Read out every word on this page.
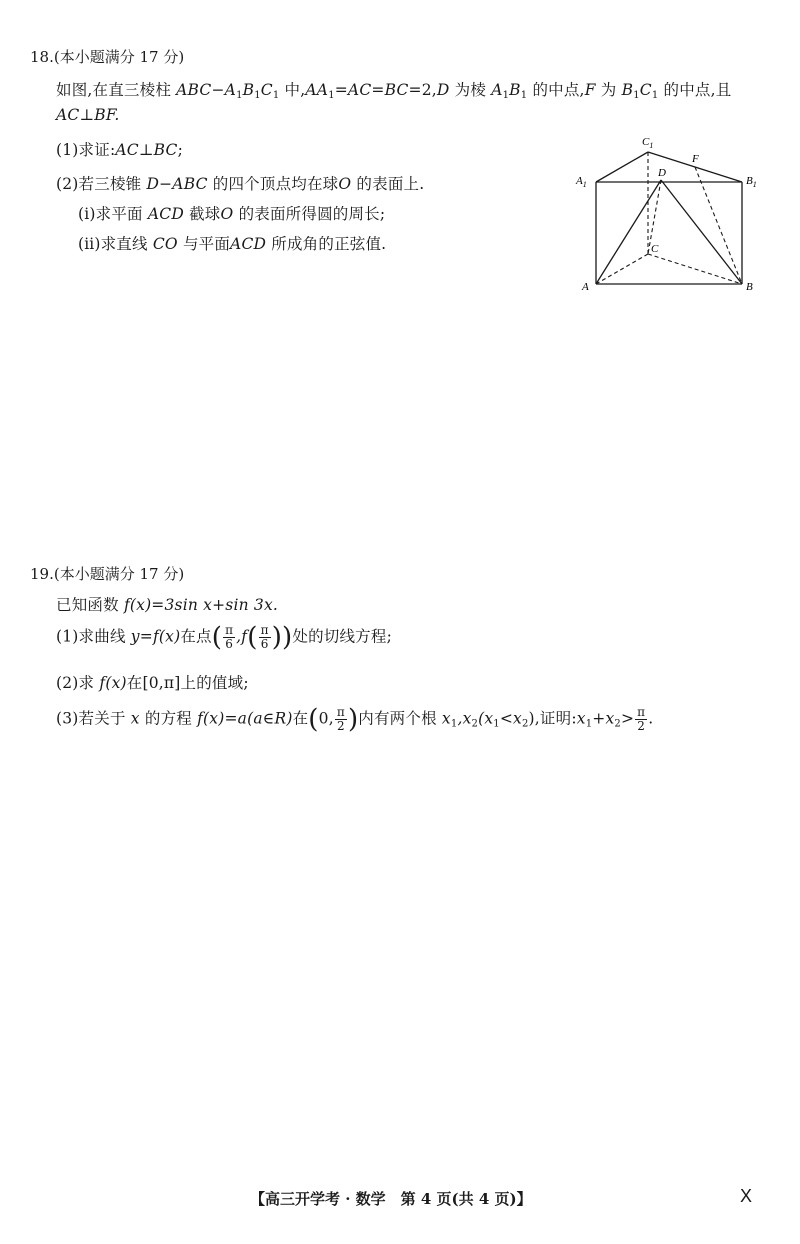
18.(本小题满分 17 分)
如图,在直三棱柱 $ABC-A_1B_1C_1$ 中$,AA_1=AC=BC=2,D$ 为棱 $A_1B_1$ 的中点,F 为 $B_1C_1$ 的中点,且
AC⊥BF.
(1)求证:AC⊥BC;
(2)若三棱锥 D−ABC 的四个顶点均在球O 的表面上.
(ⅰ)求平面 ACD 截球O 的表面所得圆的周长;
(ⅱ)求直线 CO 与平面ACD 所成角的正弦值.
$C_1$
F
$A_1$
D
$B_1$
C
A	B
19.(本小题满分 17 分)
已知函数 f(x)=3sin x+sin 3x.
(1)求曲线 y=f(x)在点( $\frac{\pi}{6} ,f( \frac{\pi}{6}$ ))处的切线方程;
(2)求 f(x)在[0,π]上的值域;
(3)若关于 x 的方程 f(x)=a(a∈R)在(0, $\frac{\pi}{2}$ )内有两个根 $x_1,x_2(x_1<x_2)$,证明$:x_1+x_2> \frac{\pi}{2}$ .
【高三开学考 · 数学　第 4 页(共 4 页)】	X
